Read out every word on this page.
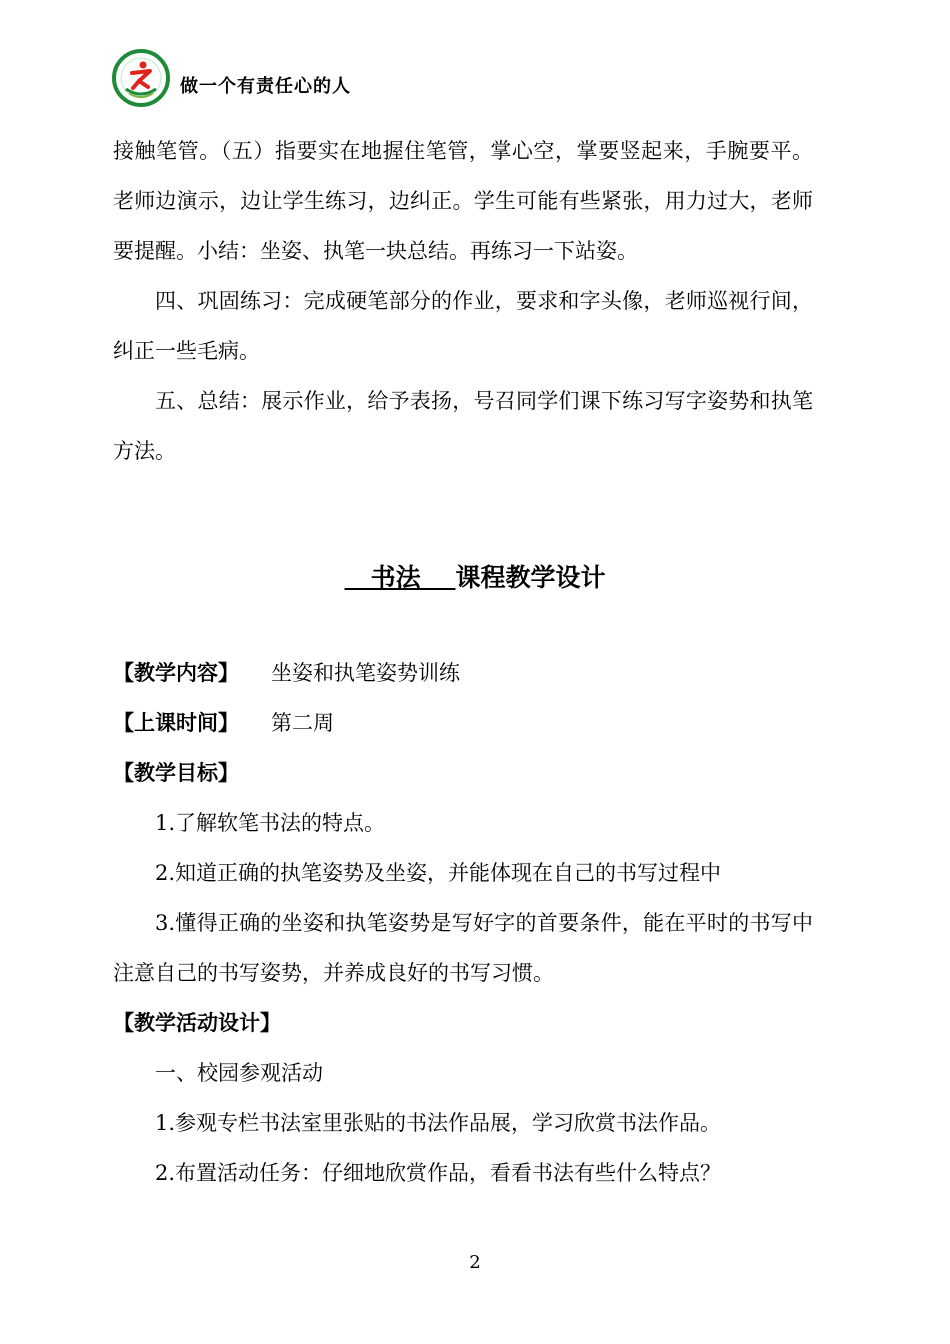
做一个有责任心的人

接触笔管。（五）指要实在地握住笔管，掌心空，掌要竖起来，手腕要平。老师边演示，边让学生练习，边纠正。学生可能有些紧张，用力过大，老师要提醒。小结：坐姿、执笔一块总结。再练习一下站姿。

四、巩固练习：完成硬笔部分的作业，要求和字头像，老师巡视行间，纠正一些毛病。

五、总结：展示作业，给予表扬，号召同学们课下练习写字姿势和执笔方法。

书法    课程教学设计
【教学内容】 坐姿和执笔姿势训练
【上课时间】 第二周
【教学目标】

1.了解软笔书法的特点。

2.知道正确的执笔姿势及坐姿，并能体现在自己的书写过程中

3.懂得正确的坐姿和执笔姿势是写好字的首要条件，能在平时的书写中注意自己的书写姿势，并养成良好的书写习惯。

【教学活动设计】

一、校园参观活动

1.参观专栏书法室里张贴的书法作品展，学习欣赏书法作品。

2.布置活动任务：仔细地欣赏作品，看看书法有些什么特点？

2
